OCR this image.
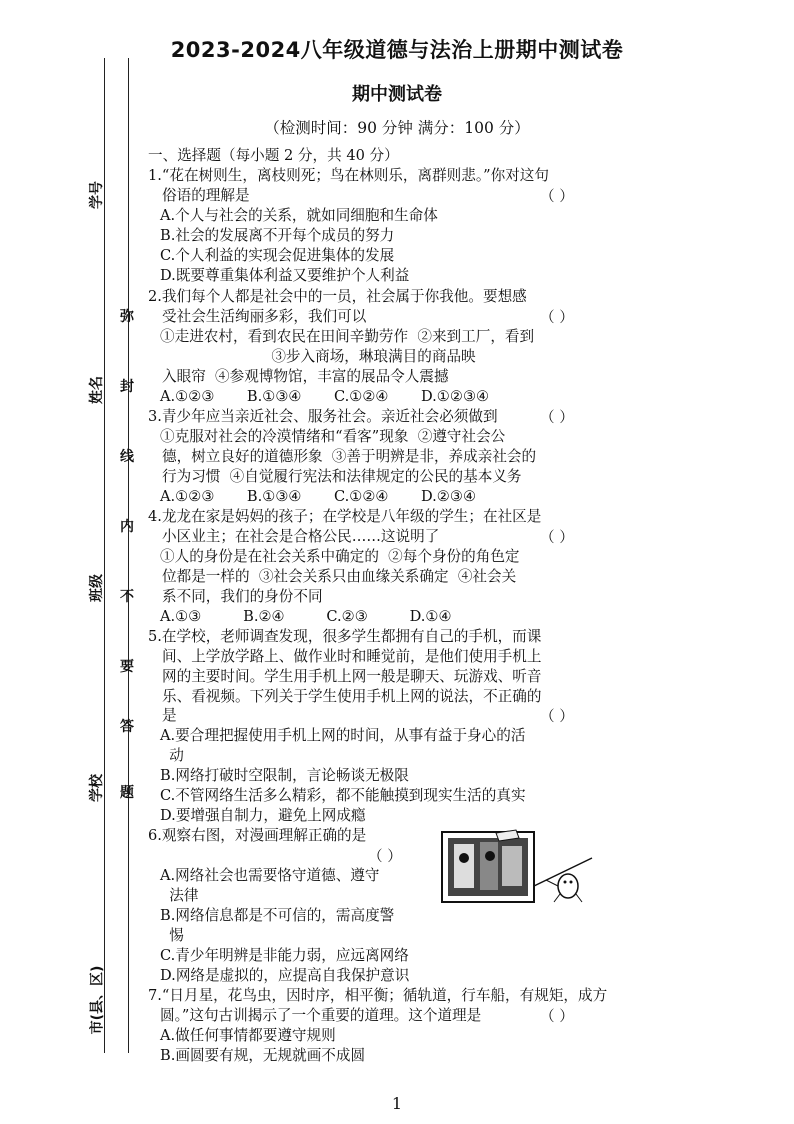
2023-2024八年级道德与法治上册期中测试卷
期中测试卷
（检测时间：90 分钟 满分：100 分）
学号
姓名
班级
学校
市(县、区)
弥
封
线
内
不
要
答
题
一、选择题（每小题 2 分，共 40 分）
1.“花在树则生，离枝则死；鸟在林则乐，离群则悲。”你对这句
俗语的理解是
A.个人与社会的关系，就如同细胞和生命体
B.社会的发展离不开每个成员的努力
C.个人利益的实现会促进集体的发展
D.既要尊重集体利益又要维护个人利益
2.我们每个人都是社会中的一员，社会属于你我他。要想感
受社会生活绚丽多彩，我们可以
①走进农村，看到农民在田间辛勤劳作  ②来到工厂，看到
③步入商场，琳琅满目的商品映
入眼帘  ④参观博物馆，丰富的展品令人震撼
A.①②③       B.①③④       C.①②④       D.①②③④
3.青少年应当亲近社会、服务社会。亲近社会必须做到
①克服对社会的冷漠情绪和“看客”现象  ②遵守社会公
德，树立良好的道德形象  ③善于明辨是非，养成亲社会的
行为习惯  ④自觉履行宪法和法律规定的公民的基本义务
A.①②③       B.①③④       C.①②④       D.②③④
4.龙龙在家是妈妈的孩子；在学校是八年级的学生；在社区是
小区业主；在社会是合格公民……这说明了
①人的身份是在社会关系中确定的  ②每个身份的角色定
位都是一样的  ③社会关系只由血缘关系确定  ④社会关
系不同，我们的身份不同
A.①③         B.②④         C.②③         D.①④
5.在学校，老师调查发现，很多学生都拥有自己的手机，而课
间、上学放学路上、做作业时和睡觉前，是他们使用手机上
网的主要时间。学生用手机上网一般是聊天、玩游戏、听音
乐、看视频。下列关于学生使用手机上网的说法，不正确的
是
A.要合理把握使用手机上网的时间，从事有益于身心的活
动
B.网络打破时空限制，言论畅谈无极限
C.不管网络生活多么精彩，都不能触摸到现实生活的真实
D.要增强自制力，避免上网成瘾
6.观察右图，对漫画理解正确的是
A.网络社会也需要恪守道德、遵守
法律
B.网络信息都是不可信的，需高度警
惕
C.青少年明辨是非能力弱，应远离网络
D.网络是虚拟的，应提高自我保护意识
7.“日月星，花鸟虫，因时序，相平衡；循轨道，行车船，有规矩，成方
圆。”这句古训揭示了一个重要的道理。这个道理是
A.做任何事情都要遵守规则
B.画圆要有规，无规就画不成圆
（ ）
（ ）
（ ）
（ ）
（ ）
（ ）
（ ）
1
